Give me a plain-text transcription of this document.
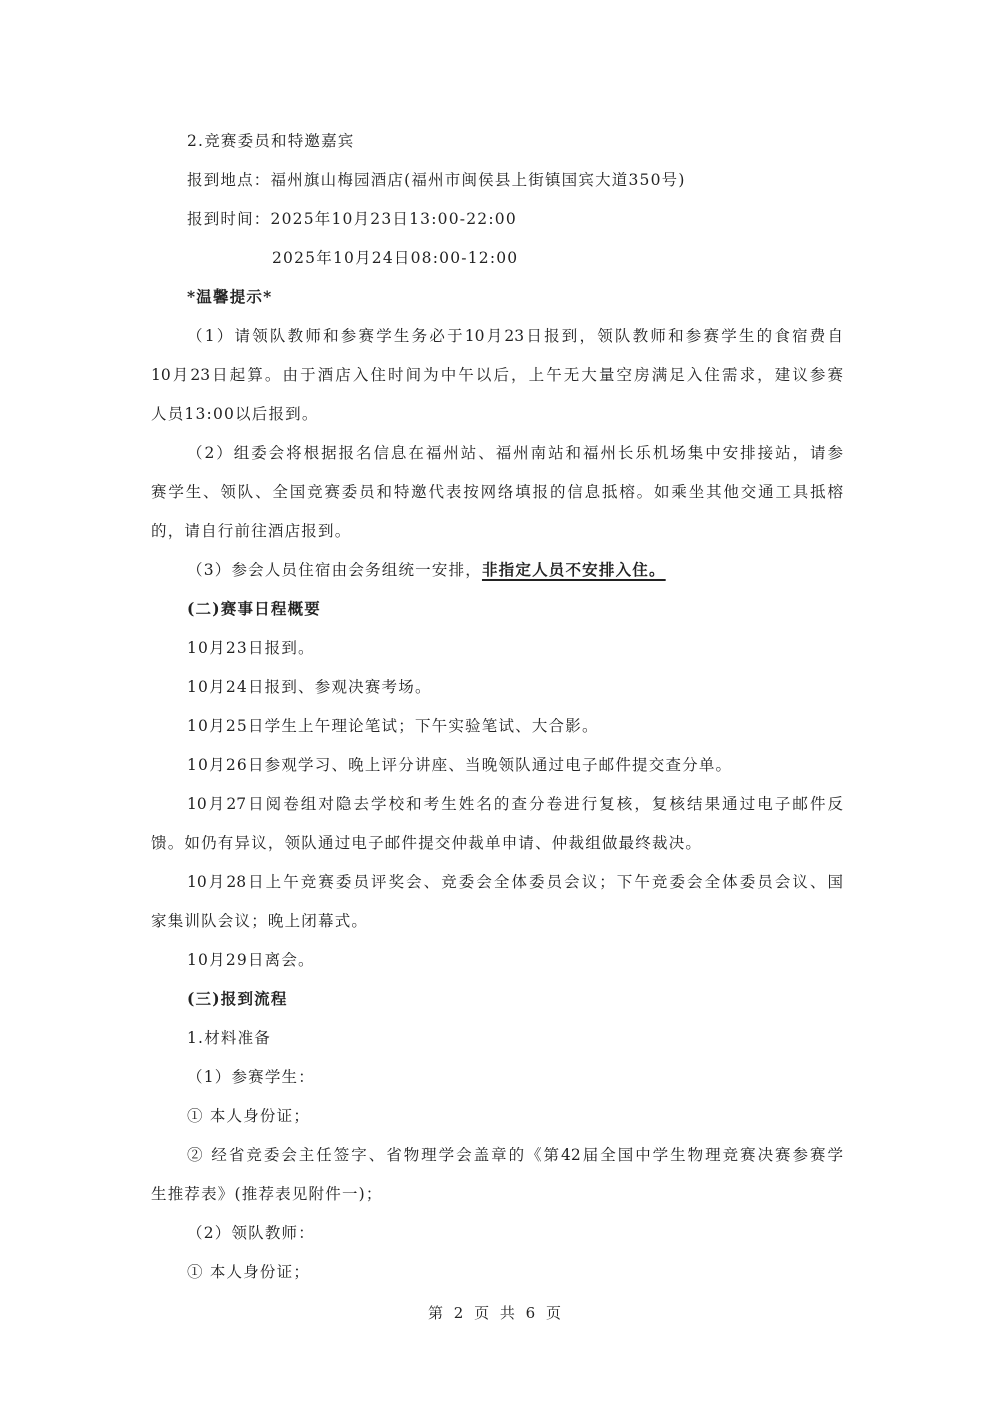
2.竞赛委员和特邀嘉宾
报到地点：福州旗山梅园酒店(福州市闽侯县上街镇国宾大道350号)
报到时间：2025年10月23日13:00-22:00
2025年10月24日08:00-12:00
*温馨提示*
（1）请领队教师和参赛学生务必于10月23日报到，领队教师和参赛学生的食宿费自
10月23日起算。由于酒店入住时间为中午以后，上午无大量空房满足入住需求，建议参赛
人员13:00以后报到。
（2）组委会将根据报名信息在福州站、福州南站和福州长乐机场集中安排接站，请参
赛学生、领队、全国竞赛委员和特邀代表按网络填报的信息抵榕。如乘坐其他交通工具抵榕
的，请自行前往酒店报到。
（3）参会人员住宿由会务组统一安排，非指定人员不安排入住。
(二)赛事日程概要
10月23日报到。
10月24日报到、参观决赛考场。
10月25日学生上午理论笔试；下午实验笔试、大合影。
10月26日参观学习、晚上评分讲座、当晚领队通过电子邮件提交查分单。
10月27日阅卷组对隐去学校和考生姓名的查分卷进行复核，复核结果通过电子邮件反
馈。如仍有异议，领队通过电子邮件提交仲裁单申请、仲裁组做最终裁决。
10月28日上午竞赛委员评奖会、竞委会全体委员会议；下午竞委会全体委员会议、国
家集训队会议；晚上闭幕式。
10月29日离会。
(三)报到流程
1.材料准备
（1）参赛学生：
① 本人身份证；
② 经省竞委会主任签字、省物理学会盖章的《第42届全国中学生物理竞赛决赛参赛学
生推荐表》(推荐表见附件一)；
（2）领队教师：
① 本人身份证；
第 2 页 共 6 页
